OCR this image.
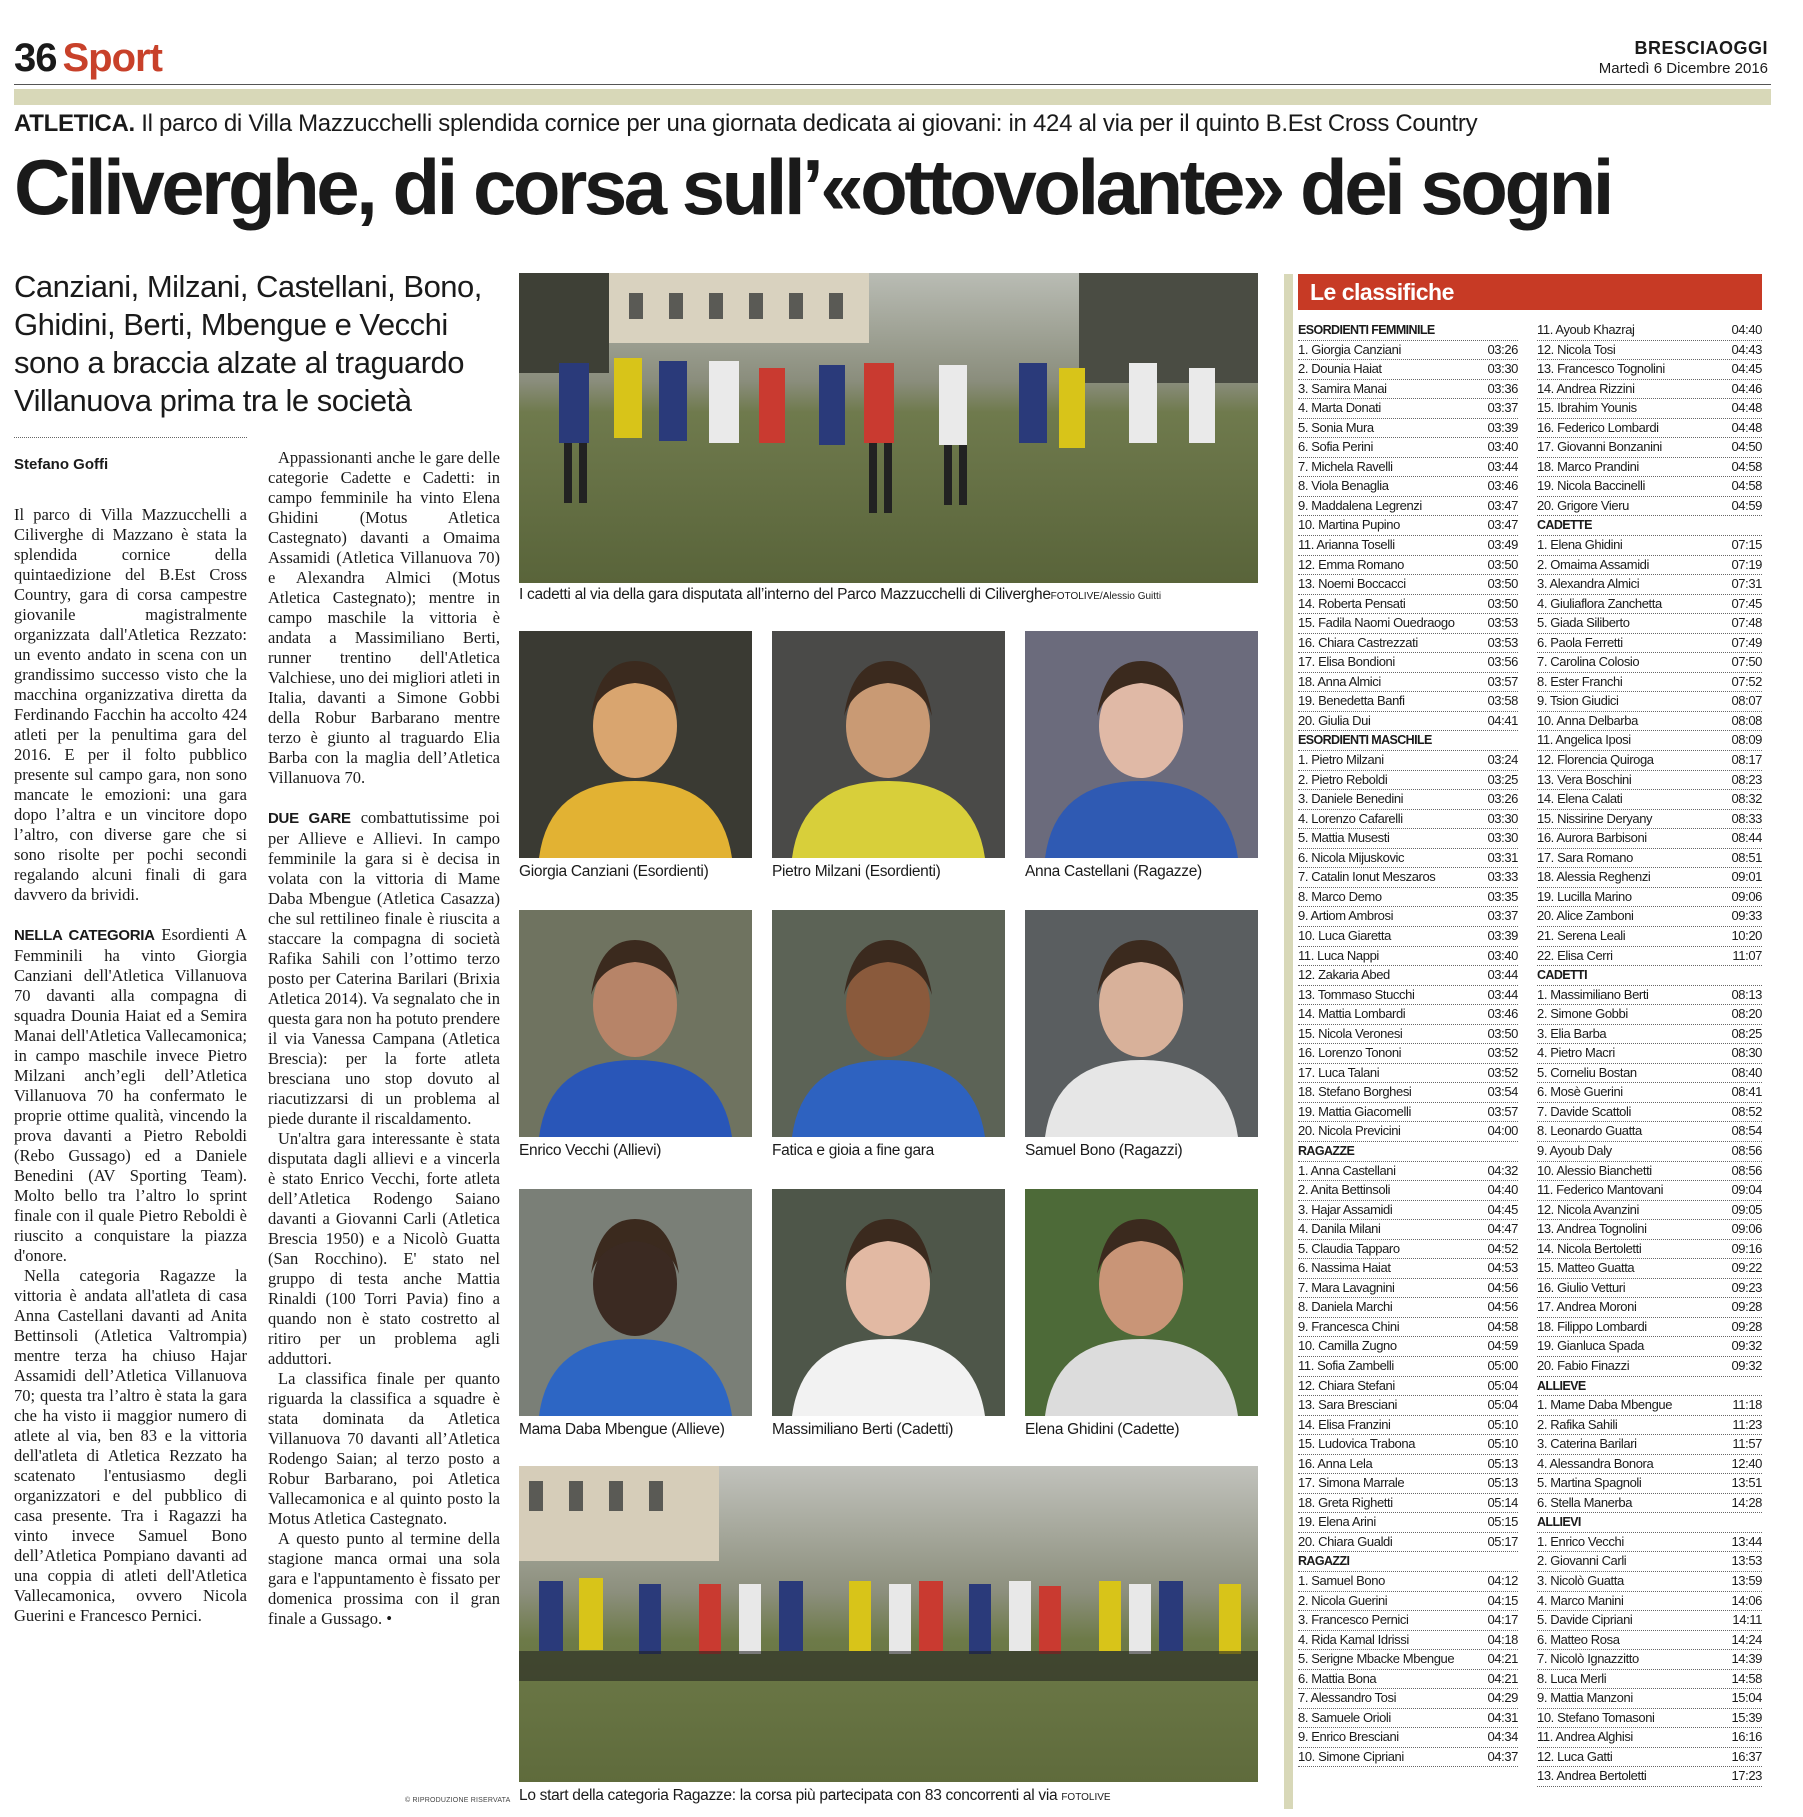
36 Sport	BRESCIAOGGI
Martedì 6 Dicembre 2016
ATLETICA. Il parco di Villa Mazzucchelli splendida cornice per una giornata dedicata ai giovani: in 424 al via per il quinto B.Est Cross Country
Ciliverghe, di corsa sull’«ottovolante» dei sogni
Canziani, Milzani, Castellani, Bono, Ghidini, Berti, Mbengue e Vecchi sono a braccia alzate al traguardo Villanuova prima tra le società
Stefano Goffi

Il parco di Villa Mazzucchelli a Ciliverghe di Mazzano è stata la splendida cornice della quintaedizione del B.Est Cross Country, gara di corsa campestre giovanile magistralmente organizzata dall'Atletica Rezzato: un evento andato in scena con un grandissimo successo visto che la macchina organizzativa diretta da Ferdinando Facchin ha accolto 424 atleti per la penultima gara del 2016. E per il folto pubblico presente sul campo gara, non sono mancate le emozioni: una gara dopo l’altra e un vincitore dopo l’altro, con diverse gare che si sono risolte per pochi secondi regalando alcuni finali di gara davvero da brividi.

NELLA CATEGORIA Esordienti A Femminili ha vinto Giorgia Canziani dell'Atletica Villanuova 70 davanti alla compagna di squadra Dounia Haiat ed a Semira Manai dell'Atletica Vallecamonica; in campo maschile invece Pietro Milzani anch’egli dell’Atletica Villanuova 70 ha confermato le proprie ottime qualità, vincendo la prova davanti a Pietro Reboldi (Rebo Gussago) ed a Daniele Benedini (AV Sporting Team). Molto bello tra l’altro lo sprint finale con il quale Pietro Reboldi è riuscito a conquistare la piazza d'onore.

Nella categoria Ragazze la vittoria è andata all'atleta di casa Anna Castellani davanti ad Anita Bettinsoli (Atletica Valtrompia) mentre terza ha chiuso Hajar Assamidi dell’Atletica Villanuova 70; questa tra l’altro è stata la gara che ha visto ii maggior numero di atlete al via, ben 83 e la vittoria dell'atleta di Atletica Rezzato ha scatenato l'entusiasmo degli organizzatori e del pubblico di casa presente. Tra i Ragazzi ha vinto invece Samuel Bono dell’Atletica Pompiano davanti ad una coppia di atleti dell'Atletica Vallecamonica, ovvero Nicola Guerini e Francesco Pernici.

Appassionanti anche le gare delle categorie Cadette e Cadetti: in campo femminile ha vinto Elena Ghidini (Motus Atletica Castegnato) davanti a Omaima Assamidi (Atletica Villanuova 70) e Alexandra Almici (Motus Atletica Castegnato); mentre in campo maschile la vittoria è andata a Massimiliano Berti, runner trentino dell'Atletica Valchiese, uno dei migliori atleti in Italia, davanti a Simone Gobbi della Robur Barbarano mentre terzo è giunto al traguardo Elia Barba con la maglia dell’Atletica Villanuova 70.

DUE GARE combattutissime poi per Allieve e Allievi. In campo femminile la gara si è decisa in volata con la vittoria di Mame Daba Mbengue (Atletica Casazza) che sul rettilineo finale è riuscita a staccare la compagna di società Rafika Sahili con l’ottimo terzo posto per Caterina Barilari (Brixia Atletica 2014). Va segnalato che in questa gara non ha potuto prendere il via Vanessa Campana (Atletica Brescia): per la forte atleta bresciana uno stop dovuto al riacutizzarsi di un problema al piede durante il riscaldamento.

Un'altra gara interessante è stata disputata dagli allievi e a vincerla è stato Enrico Vecchi, forte atleta dell’Atletica Rodengo Saiano davanti a Giovanni Carli (Atletica Brescia 1950) e a Nicolò Guatta (San Rocchino). E' stato nel gruppo di testa anche Mattia Rinaldi (100 Torri Pavia) fino a quando non è stato costretto al ritiro per un problema agli adduttori.

La classifica finale per quanto riguarda la classifica a squadre è stata dominata da Atletica Villanuova 70 davanti all’Atletica Rodengo Saian; al terzo posto a Robur Barbarano, poi Atletica Vallecamonica e al quinto posto la Motus Atletica Castegnato.

A questo punto al termine della stagione manca ormai una sola gara e l'appuntamento è fissato per domenica prossima con il gran finale a Gussago. •

© RIPRODUZIONE RISERVATA
I cadetti al via della gara disputata all’interno del Parco Mazzucchelli di CilivergheFOTOLIVE/Alessio Guitti
Giorgia Canziani (Esordienti)	Pietro Milzani (Esordienti)	Anna Castellani (Ragazze)
Enrico Vecchi (Allievi)	Fatica e gioia a fine gara	Samuel Bono (Ragazzi)
Mama Daba Mbengue (Allieve)	Massimiliano Berti (Cadetti)	Elena Ghidini (Cadette)
Lo start della categoria Ragazze: la corsa più partecipata con 83 concorrenti al via FOTOLIVE
Le classifiche
ESORDIENTI FEMMINILE
1. Giorgia Canziani	03:26
2. Dounia Haiat	03:30
3. Samira Manai	03:36
4. Marta Donati	03:37
5. Sonia Mura	03:39
6. Sofia Perini	03:40
7. Michela Ravelli	03:44
8. Viola Benaglia	03:46
9. Maddalena Legrenzi	03:47
10. Martina Pupino	03:47
11. Arianna Toselli	03:49
12. Emma Romano	03:50
13. Noemi Boccacci	03:50
14. Roberta Pensati	03:50
15. Fadila Naomi Ouedraogo	03:53
16. Chiara Castrezzati	03:53
17. Elisa Bondioni	03:56
18. Anna Almici	03:57
19. Benedetta Banfi	03:58
20. Giulia Dui	04:41
ESORDIENTI MASCHILE
1. Pietro Milzani	03:24
2. Pietro Reboldi	03:25
3. Daniele Benedini	03:26
4. Lorenzo Cafarelli	03:30
5. Mattia Musesti	03:30
6. Nicola Mijuskovic	03:31
7. Catalin Ionut Meszaros	03:33
8. Marco Demo	03:35
9. Artiom Ambrosi	03:37
10. Luca Giaretta	03:39
11. Luca Nappi	03:40
12. Zakaria Abed	03:44
13. Tommaso Stucchi	03:44
14. Mattia Lombardi	03:46
15. Nicola Veronesi	03:50
16. Lorenzo Tononi	03:52
17. Luca Talani	03:52
18. Stefano Borghesi	03:54
19. Mattia Giacomelli	03:57
20. Nicola Previcini	04:00
RAGAZZE
1. Anna Castellani	04:32
2. Anita Bettinsoli	04:40
3. Hajar Assamidi	04:45
4. Danila Milani	04:47
5. Claudia Tapparo	04:52
6. Nassima Haiat	04:53
7. Mara Lavagnini	04:56
8. Daniela Marchi	04:56
9. Francesca Chini	04:58
10. Camilla Zugno	04:59
11. Sofia Zambelli	05:00
12. Chiara Stefani	05:04
13. Sara Bresciani	05:04
14. Elisa Franzini	05:10
15. Ludovica Trabona	05:10
16. Anna Lela	05:13
17. Simona Marrale	05:13
18. Greta Righetti	05:14
19. Elena Arini	05:15
20. Chiara Gualdi	05:17
RAGAZZI
1. Samuel Bono	04:12
2. Nicola Guerini	04:15
3. Francesco Pernici	04:17
4. Rida Kamal Idrissi	04:18
5. Serigne Mbacke Mbengue	04:21
6. Mattia Bona	04:21
7. Alessandro Tosi	04:29
8. Samuele Orioli	04:31
9. Enrico Bresciani	04:34
10. Simone Cipriani	04:37
11. Ayoub Khazraj	04:40
12. Nicola Tosi	04:43
13. Francesco Tognolini	04:45
14. Andrea Rizzini	04:46
15. Ibrahim Younis	04:48
16. Federico Lombardi	04:48
17. Giovanni Bonzanini	04:50
18. Marco Prandini	04:58
19. Nicola Baccinelli	04:58
20. Grigore Vieru	04:59
CADETTE
1. Elena Ghidini	07:15
2. Omaima Assamidi	07:19
3. Alexandra Almici	07:31
4. Giuliaflora Zanchetta	07:45
5. Giada Siliberto	07:48
6. Paola Ferretti	07:49
7. Carolina Colosio	07:50
8. Ester Franchi	07:52
9. Tsion Giudici	08:07
10. Anna Delbarba	08:08
11. Angelica Iposi	08:09
12. Florencia Quiroga	08:17
13. Vera Boschini	08:23
14. Elena Calati	08:32
15. Nissirine Deryany	08:33
16. Aurora Barbisoni	08:44
17. Sara Romano	08:51
18. Alessia Reghenzi	09:01
19. Lucilla Marino	09:06
20. Alice Zamboni	09:33
21. Serena Leali	10:20
22. Elisa Cerri	11:07
CADETTI
1. Massimiliano Berti	08:13
2. Simone Gobbi	08:20
3. Elia Barba	08:25
4. Pietro Macri	08:30
5. Corneliu Bostan	08:40
6. Mosè Guerini	08:41
7. Davide Scattoli	08:52
8. Leonardo Guatta	08:54
9. Ayoub Daly	08:56
10. Alessio Bianchetti	08:56
11. Federico Mantovani	09:04
12. Nicola Avanzini	09:05
13. Andrea Tognolini	09:06
14. Nicola Bertoletti	09:16
15. Matteo Guatta	09:22
16. Giulio Vetturi	09:23
17. Andrea Moroni	09:28
18. Filippo Lombardi	09:28
19. Gianluca Spada	09:32
20. Fabio Finazzi	09:32
ALLIEVE
1. Mame Daba Mbengue	11:18
2. Rafika Sahili	11:23
3. Caterina Barilari	11:57
4. Alessandra Bonora	12:40
5. Martina Spagnoli	13:51
6. Stella Manerba	14:28
ALLIEVI
1. Enrico Vecchi	13:44
2. Giovanni Carli	13:53
3. Nicolò Guatta	13:59
4. Marco Manini	14:06
5. Davide Cipriani	14:11
6. Matteo Rosa	14:24
7. Nicolò Ignazzitto	14:39
8. Luca Merli	14:58
9. Mattia Manzoni	15:04
10. Stefano Tomasoni	15:39
11. Andrea Alghisi	16:16
12. Luca Gatti	16:37
13. Andrea Bertoletti	17:23
